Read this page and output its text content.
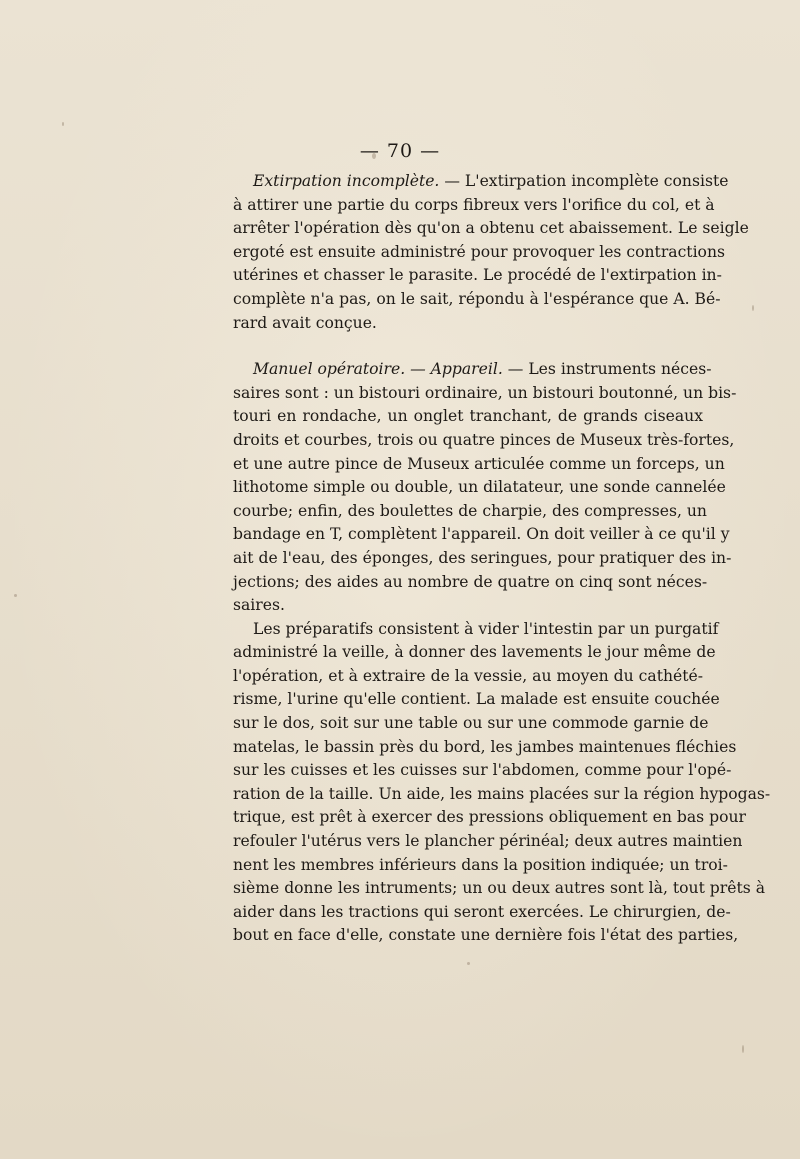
— 70 —
Extirpation incomplète. — L'extirpation incomplète consiste
à attirer une partie du corps fibreux vers l'orifice du col, et à
arrêter l'opération dès qu'on a obtenu cet abaissement. Le seigle
ergoté est ensuite administré pour provoquer les contractions
utérines et chasser le parasite. Le procédé de l'extirpation in-
complète n'a pas, on le sait, répondu à l'espérance que A. Bé-
rard avait conçue.
Manuel opératoire. — Appareil. — Les instruments néces-
saires sont : un bistouri ordinaire, un bistouri boutonné, un bis-
touri en rondache, un onglet tranchant, de grands ciseaux
droits et courbes, trois ou quatre pinces de Museux très-fortes,
et une autre pince de Museux articulée comme un forceps, un
lithotome simple ou double, un dilatateur, une sonde cannelée
courbe; enfin, des boulettes de charpie, des compresses, un
bandage en T, complètent l'appareil. On doit veiller à ce qu'il y
ait de l'eau, des éponges, des seringues, pour pratiquer des in-
jections; des aides au nombre de quatre on cinq sont néces-
saires.
Les préparatifs consistent à vider l'intestin par un purgatif
administré la veille, à donner des lavements le jour même de
l'opération, et à extraire de la vessie, au moyen du cathété-
risme, l'urine qu'elle contient. La malade est ensuite couchée
sur le dos, soit sur une table ou sur une commode garnie de
matelas, le bassin près du bord, les jambes maintenues fléchies
sur les cuisses et les cuisses sur l'abdomen, comme pour l'opé-
ration de la taille. Un aide, les mains placées sur la région hypogas-
trique, est prêt à exercer des pressions obliquement en bas pour
refouler l'utérus vers le plancher périnéal; deux autres maintien
nent les membres inférieurs dans la position indiquée; un troi-
sième donne les intruments; un ou deux autres sont là, tout prêts à
aider dans les tractions qui seront exercées. Le chirurgien, de-
bout en face d'elle, constate une dernière fois l'état des parties,
